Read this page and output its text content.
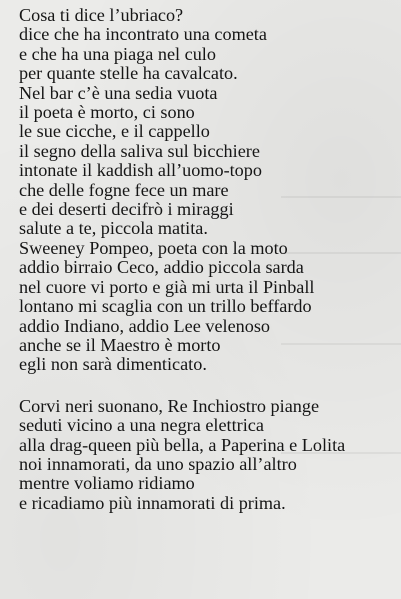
Cosa ti dice l’ubriaco?
dice che ha incontrato una cometa
e che ha una piaga nel culo
per quante stelle ha cavalcato.
Nel bar c’è una sedia vuota
il poeta è morto, ci sono
le sue cicche, e il cappello
il segno della saliva sul bicchiere
intonate il kaddish all’uomo-topo
che delle fogne fece un mare
e dei deserti decifrò i miraggi
salute a te, piccola matita.
Sweeney Pompeo, poeta con la moto
addio birraio Ceco, addio piccola sarda
nel cuore vi porto e già mi urta il Pinball
lontano mi scaglia con un trillo beffardo
addio Indiano, addio Lee velenoso
anche se il Maestro è morto
egli non sarà dimenticato.

Corvi neri suonano, Re Inchiostro piange
seduti vicino a una negra elettrica
alla drag-queen più bella, a Paperina e Lolita
noi innamorati, da uno spazio all’altro
mentre voliamo ridiamo
e ricadiamo più innamorati di prima.
